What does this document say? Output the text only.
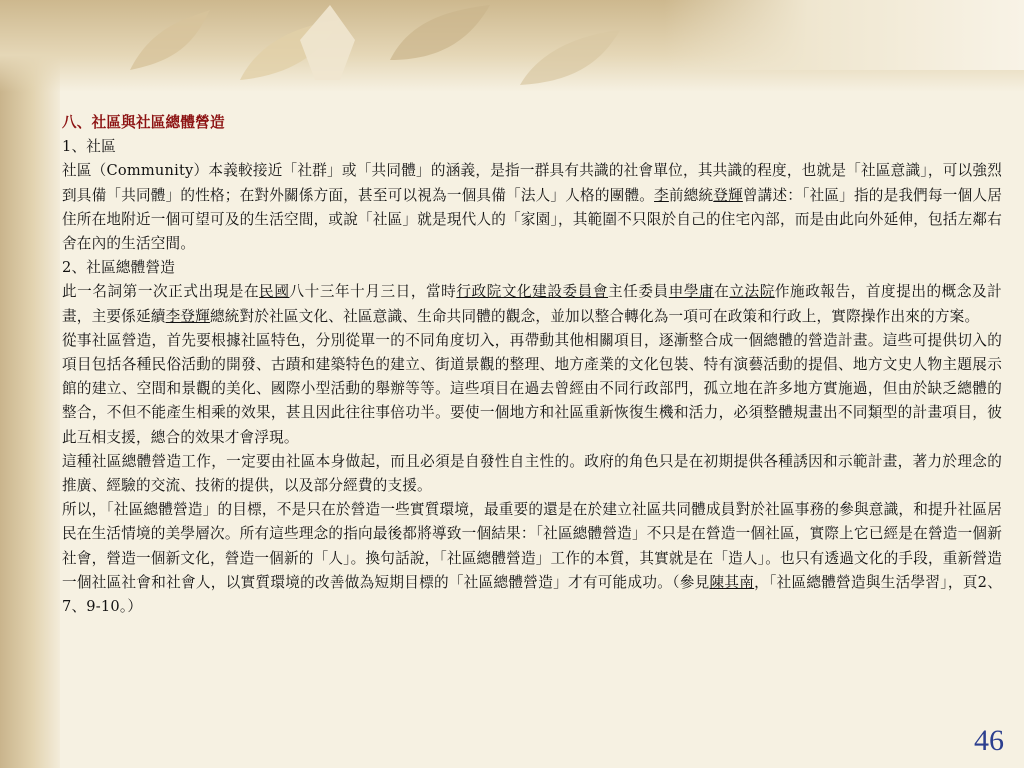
八、社區與社區總體營造

1、社區

社區（Community）本義較接近「社群」或「共同體」的涵義，是指一群具有共識的社會單位，其共識的程度，也就是「社區意識」，可以強烈到具備「共同體」的性格；在對外關係方面，甚至可以視為一個具備「法人」人格的團體。李前總統登輝曾講述：「社區」指的是我們每一個人居住所在地附近一個可望可及的生活空間，或說「社區」就是現代人的「家園」，其範圍不只限於自己的住宅內部，而是由此向外延伸，包括左鄰右舍在內的生活空間。

2、社區總體營造

此一名詞第一次正式出現是在民國八十三年十月三日，當時行政院文化建設委員會主任委員申學庸在立法院作施政報告，首度提出的概念及計畫，主要係延續李登輝總統對於社區文化、社區意識、生命共同體的觀念，並加以整合轉化為一項可在政策和行政上，實際操作出來的方案。

從事社區營造，首先要根據社區特色，分別從單一的不同角度切入，再帶動其他相關項目，逐漸整合成一個總體的營造計畫。這些可提供切入的項目包括各種民俗活動的開發、古蹟和建築特色的建立、街道景觀的整理、地方產業的文化包裝、特有演藝活動的提倡、地方文史人物主題展示館的建立、空間和景觀的美化、國際小型活動的舉辦等等。這些項目在過去曾經由不同行政部門，孤立地在許多地方實施過，但由於缺乏總體的整合，不但不能產生相乘的效果，甚且因此往往事倍功半。要使一個地方和社區重新恢復生機和活力，必須整體規畫出不同類型的計畫項目，彼此互相支援，總合的效果才會浮現。

這種社區總體營造工作，一定要由社區本身做起，而且必須是自發性自主性的。政府的角色只是在初期提供各種誘因和示範計畫，著力於理念的推廣、經驗的交流、技術的提供，以及部分經費的支援。

所以，「社區總體營造」的目標，不是只在於營造一些實質環境，最重要的還是在於建立社區共同體成員對於社區事務的參與意識，和提升社區居民在生活情境的美學層次。所有這些理念的指向最後都將導致一個結果：「社區總體營造」不只是在營造一個社區，實際上它已經是在營造一個新社會，營造一個新文化，營造一個新的「人」。換句話說，「社區總體營造」工作的本質，其實就是在「造人」。也只有透過文化的手段，重新營造一個社區社會和社會人，以實質環境的改善做為短期目標的「社區總體營造」才有可能成功。（參見陳其南，「社區總體營造與生活學習」，頁2、7、9-10。）

46
